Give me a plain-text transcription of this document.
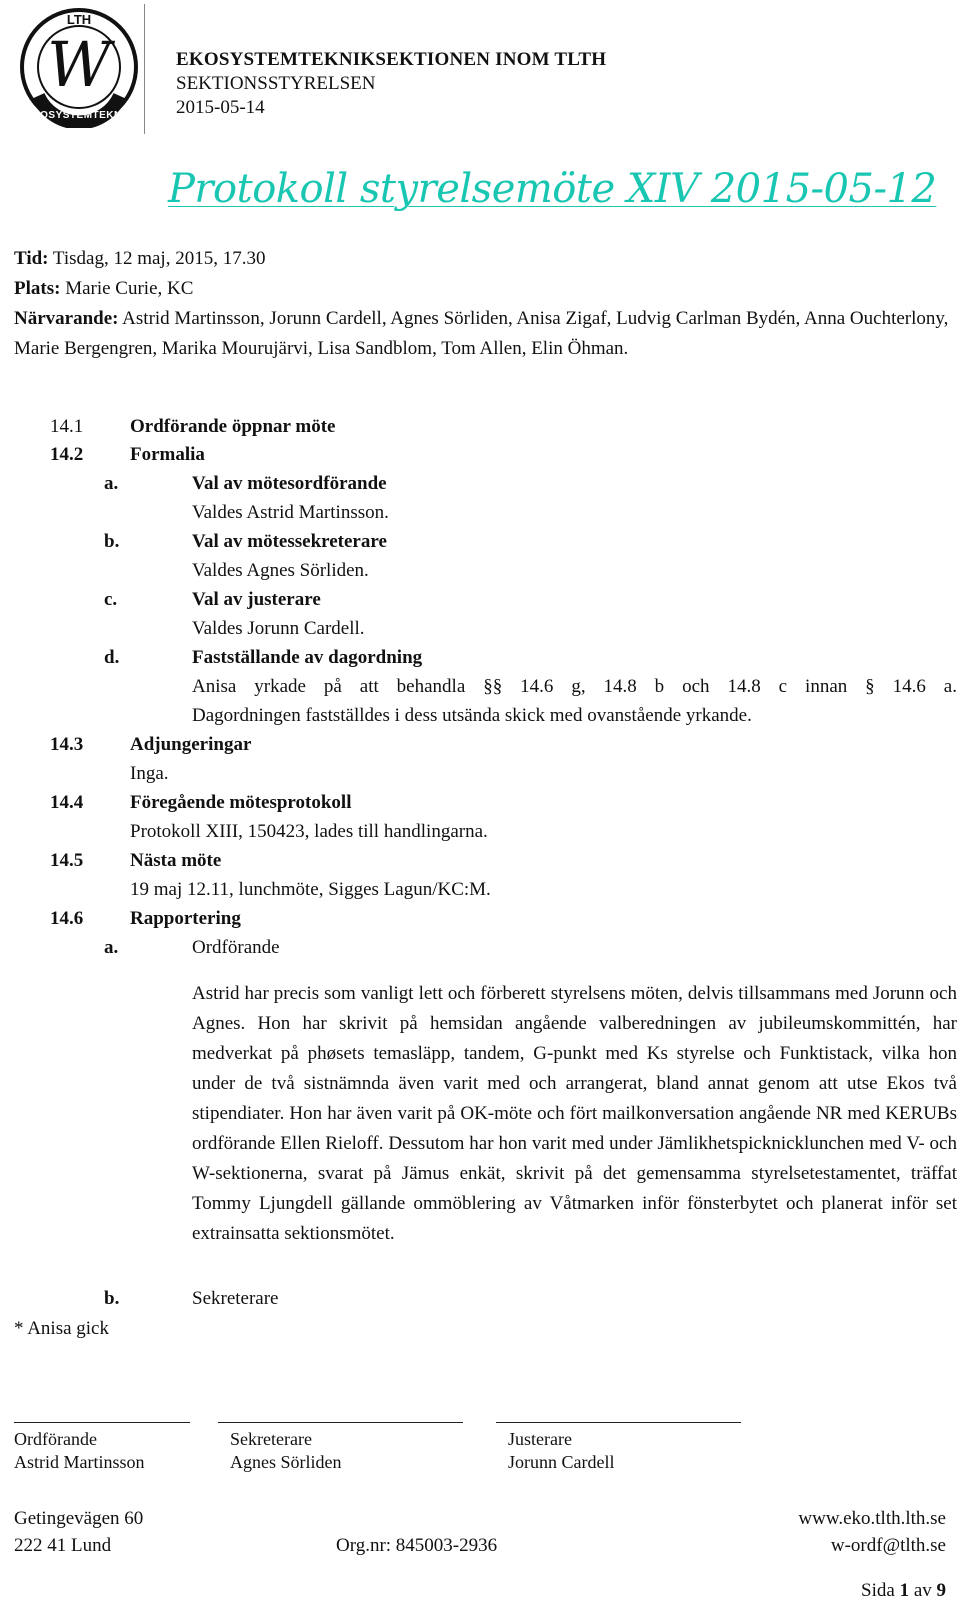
LTH
W
EKOSYSTEMTEKNIK
EKOSYSTEMTEKNIKSEKTIONEN INOM TLTH
SEKTIONSSTYRELSEN
2015-05-14
Protokoll styrelsemöte XIV 2015-05-12
Tid: Tisdag, 12 maj, 2015, 17.30
Plats: Marie Curie, KC
Närvarande: Astrid Martinsson, Jorunn Cardell, Agnes Sörliden, Anisa Zigaf, Ludvig Carlman Bydén, Anna Ouchterlony, Marie Bergengren, Marika Mourujärvi, Lisa Sandblom, Tom Allen, Elin Öhman.
14.1 Ordförande öppnar möte
14.2 Formalia
a.	Val av mötesordförande
Valdes Astrid Martinsson.
b.	Val av mötessekreterare
Valdes Agnes Sörliden.
c.	Val av justerare
Valdes Jorunn Cardell.
d.	Fastställande av dagordning
Anisa yrkade på att behandla §§ 14.6 g, 14.8 b och 14.8 c innan § 14.6 a.
Dagordningen fastställdes i dess utsända skick med ovanstående yrkande.
14.3 Adjungeringar
Inga.
14.4 Föregående mötesprotokoll
Protokoll XIII, 150423, lades till handlingarna.
14.5 Nästa möte
19 maj 12.11, lunchmöte, Sigges Lagun/KC:M.
14.6 Rapportering
a.	Ordförande
Astrid har precis som vanligt lett och förberett styrelsens möten, delvis tillsammans med Jorunn och Agnes. Hon har skrivit på hemsidan angående valberedningen av jubileumskommittén, har medverkat på phøsets temasläpp, tandem, G-punkt med Ks styrelse och Funktistack, vilka hon under de två sistnämnda även varit med och arrangerat, bland annat genom att utse Ekos två stipendiater. Hon har även varit på OK-möte och fört mailkonversation angående NR med KERUBs ordförande Ellen Rieloff. Dessutom har hon varit med under Jämlikhetspicknicklunchen med V- och W-sektionerna, svarat på Jämus enkät, skrivit på det gemensamma styrelsetestamentet, träffat Tommy Ljungdell gällande ommöblering av Våtmarken inför fönsterbytet och planerat inför set extrainsatta sektionsmötet.
b.	Sekreterare
* Anisa gick
Ordförande
Astrid Martinsson
Sekreterare
Agnes Sörliden
Justerare
Jorunn Cardell
Getingevägen 60
222 41 Lund	Org.nr: 845003-2936
www.eko.tlth.lth.se
w-ordf@tlth.se
Sida 1 av 9
